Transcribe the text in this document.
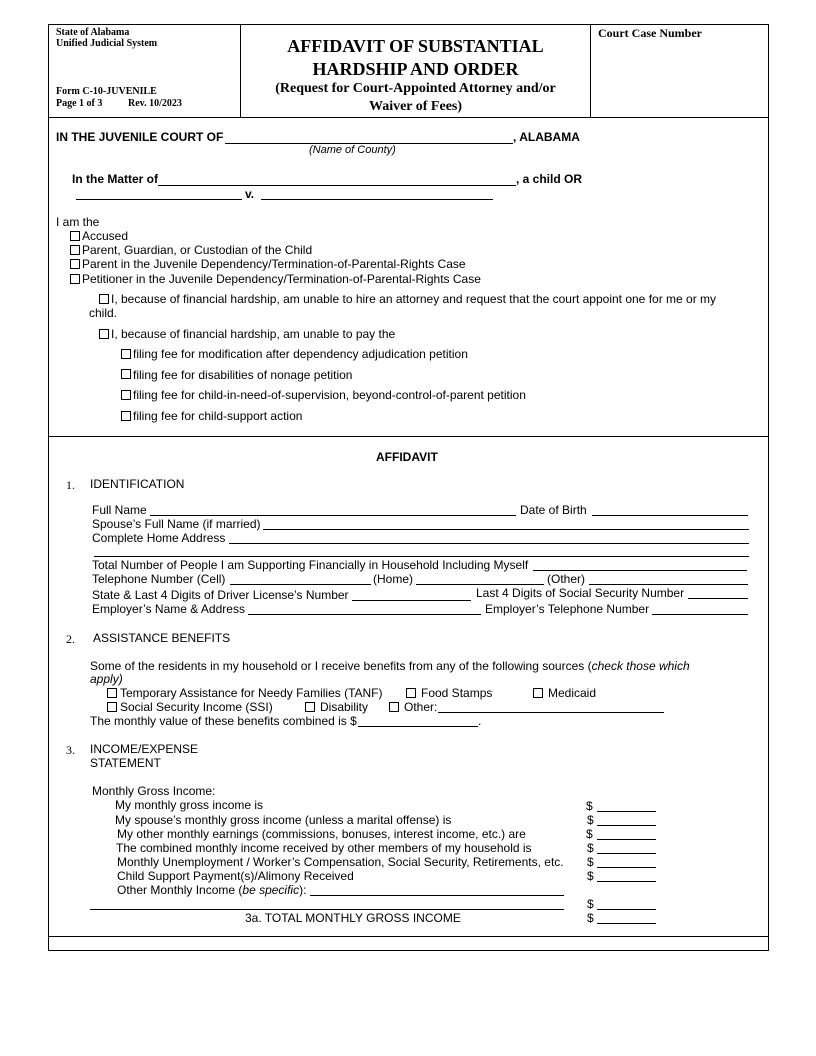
State of Alabama
Unified Judicial System
Form C-10-JUVENILE
Page 1 of 3	Rev. 10/2023
AFFIDAVIT OF SUBSTANTIAL
HARDSHIP AND ORDER
(Request for Court-Appointed Attorney and/or
Waiver of Fees)
Court Case Number
IN THE JUVENILE COURT OF	, ALABAMA
(Name of County)
In the Matter of	, a child OR
v.
I am the
Accused
Parent, Guardian, or Custodian of the Child
Parent in the Juvenile Dependency/Termination-of-Parental-Rights Case
Petitioner in the Juvenile Dependency/Termination-of-Parental-Rights Case
I, because of financial hardship, am unable to hire an attorney and request that the court appoint one for me or my
child.
I, because of financial hardship, am unable to pay the
filing fee for modification after dependency adjudication petition
filing fee for disabilities of nonage petition
filing fee for child-in-need-of-supervision, beyond-control-of-parent petition
filing fee for child-support action
AFFIDAVIT
1. IDENTIFICATION
Full Name	Date of Birth
Spouse’s Full Name (if married)
Complete Home Address
Total Number of People I am Supporting Financially in Household Including Myself
Telephone Number (Cell)	(Home)	(Other)
State & Last 4 Digits of Driver License’s Number	Last 4 Digits of Social Security Number
Employer’s Name & Address	Employer’s Telephone Number
2. ASSISTANCE BENEFITS
Some of the residents in my household or I receive benefits from any of the following sources (check those which
apply)
Temporary Assistance for Needy Families (TANF)	Food Stamps	Medicaid
Social Security Income (SSI)	Disability	Other:
The monthly value of these benefits combined is $	.
3. INCOME/EXPENSE
STATEMENT
Monthly Gross Income:
My monthly gross income is	$
My spouse’s monthly gross income (unless a marital offense) is	$
My other monthly earnings (commissions, bonuses, interest income, etc.) are	$
The combined monthly income received by other members of my household is	$
Monthly Unemployment / Worker’s Compensation, Social Security, Retirements, etc. $
Child Support Payment(s)/Alimony Received	$
Other Monthly Income (be specific):
$
3a. TOTAL MONTHLY GROSS INCOME	$
